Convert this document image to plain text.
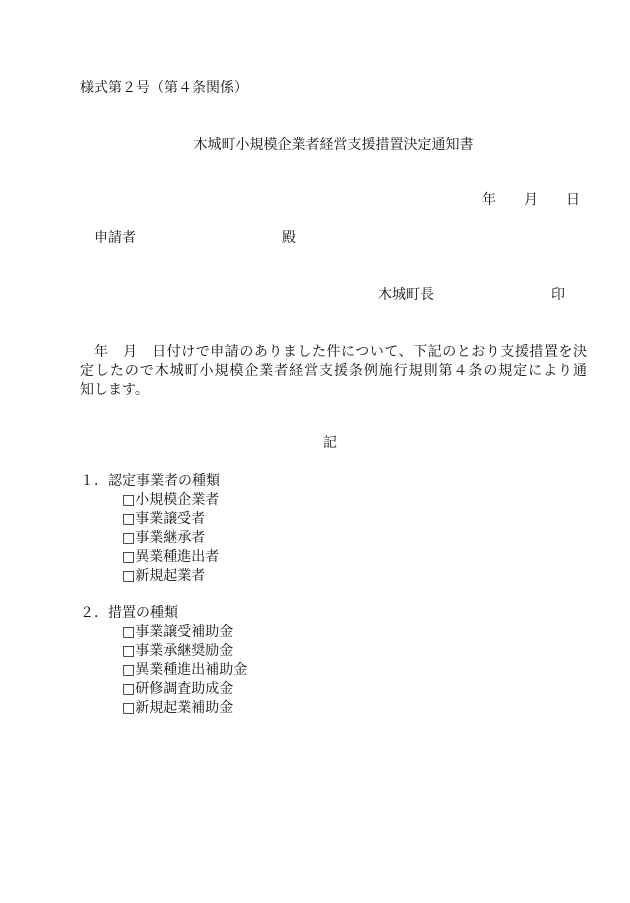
様式第２号（第４条関係）
木城町小規模企業者経営支援措置決定通知書
年　　月　　日
申請者	殿
木城町長	印
年　月　日付けで申請のありました件について、下記のとおり支援措置を決
定したので木城町小規模企業者経営支援条例施行規則第４条の規定により通
知します。
記
１．認定事業者の種類
□小規模企業者
□事業譲受者
□事業継承者
□異業種進出者
□新規起業者
２．措置の種類
□事業譲受補助金
□事業承継奨励金
□異業種進出補助金
□研修調査助成金
□新規起業補助金
